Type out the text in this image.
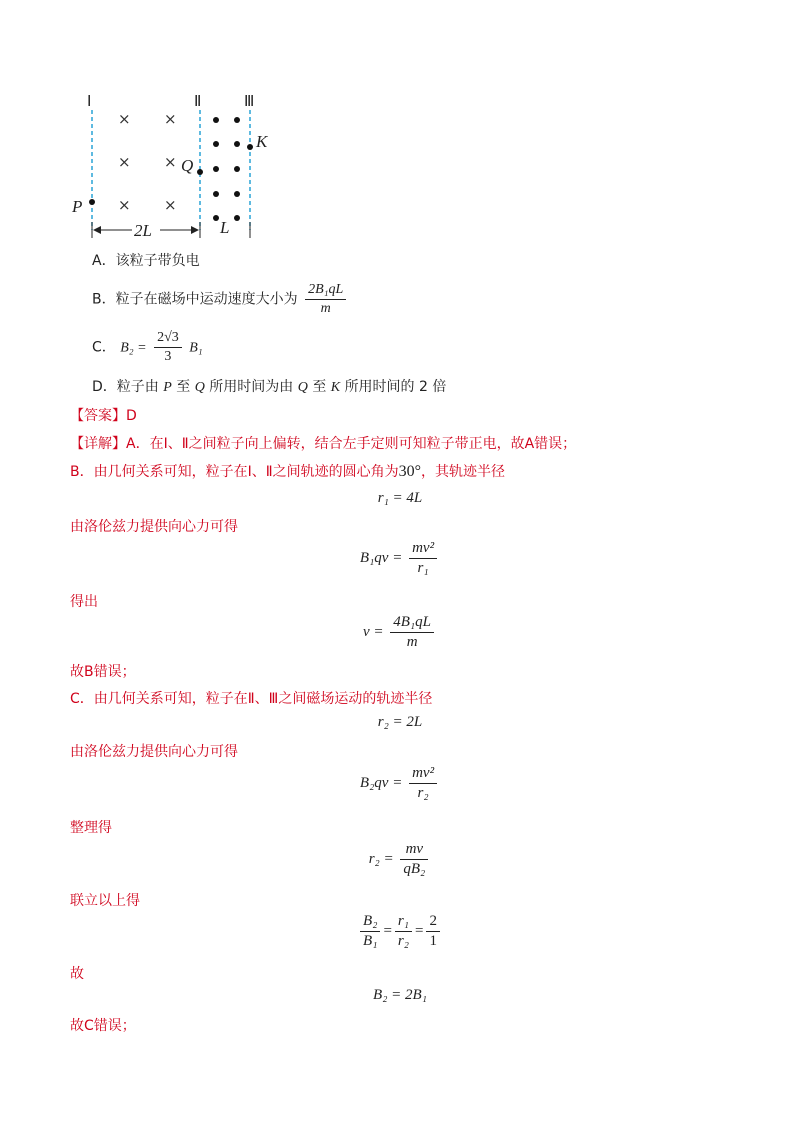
Ⅰ	Ⅱ	Ⅲ
× ×
× ×
× ×
P
Q
K
L
2L
A．该粒子带负电
B．粒子在磁场中运动速度大小为 $\frac{\text{2B₁qL}}{m}$
C． $B_2 = \frac{2√3}{3} B_1$
D．粒子由 P 至 Q 所用时间为由 Q 至 K 所用时间的 2 倍
【答案】D
【详解】A．在Ⅰ、Ⅱ之间粒子向上偏转，结合左手定则可知粒子带正电，故A错误；
B．由几何关系可知，粒子在Ⅰ、Ⅱ之间轨迹的圆心角为30°，其轨迹半径
r₁ = 4L
由洛伦兹力提供向心力可得
$B_1qv = \frac{\text{mv²}}{\text{r₁}}$
得出
$v = \frac{\text{4B₁qL}}{m}$
故B错误；
C．由几何关系可知，粒子在Ⅱ、Ⅲ之间磁场运动的轨迹半径
r₂ = 2L
由洛伦兹力提供向心力可得
$B_2qv = \frac{\text{mv²}}{\text{r₂}}$
整理得
$r_2 = \frac{mv}{\text{qB₂}}$
联立以上得
$\frac{\text{B₂}}{\text{B₁}} = \frac{\text{r₁}}{\text{r₂}} = \frac{2}{1}$
故
B₂ = 2B₁
故C错误；
